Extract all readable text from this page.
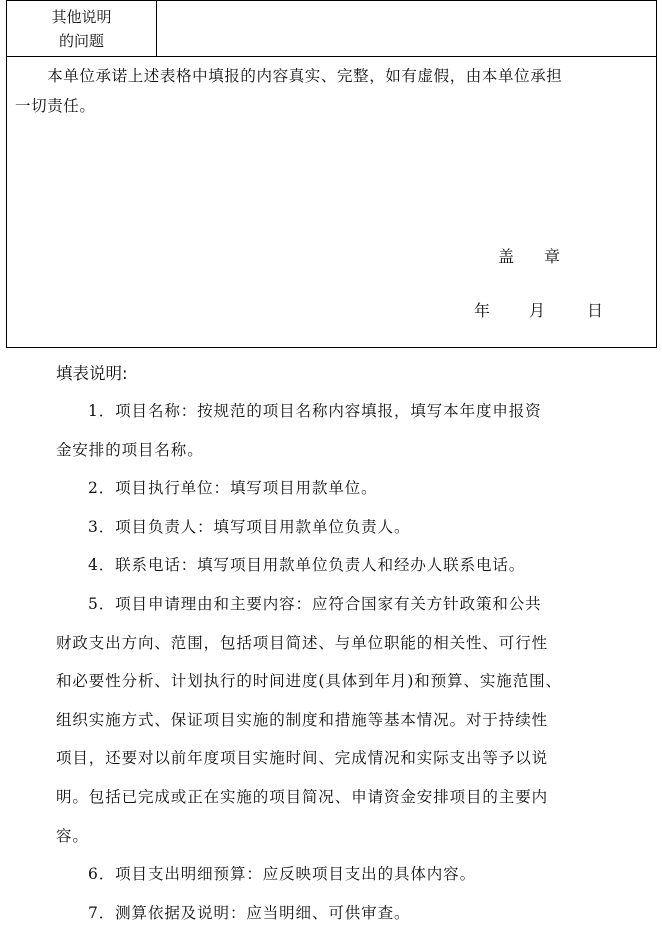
其他说明
的问题
　　本单位承诺上述表格中填报的内容真实、完整，如有虚假，由本单位承担
一切责任。
盖章
年 月	日
填表说明:
1．项目名称：按规范的项目名称内容填报，填写本年度申报资
金安排的项目名称。
2．项目执行单位：填写项目用款单位。
3．项目负责人：填写项目用款单位负责人。
4．联系电话：填写项目用款单位负责人和经办人联系电话。
5．项目申请理由和主要内容：应符合国家有关方针政策和公共
财政支出方向、范围，包括项目简述、与单位职能的相关性、可行性
和必要性分析、计划执行的时间进度(具体到年月)和预算、实施范围、
组织实施方式、保证项目实施的制度和措施等基本情况。对于持续性
项目，还要对以前年度项目实施时间、完成情况和实际支出等予以说
明。包括已完成或正在实施的项目简况、申请资金安排项目的主要内
容。
6．项目支出明细预算：应反映项目支出的具体内容。
7．测算依据及说明：应当明细、可供审查。
